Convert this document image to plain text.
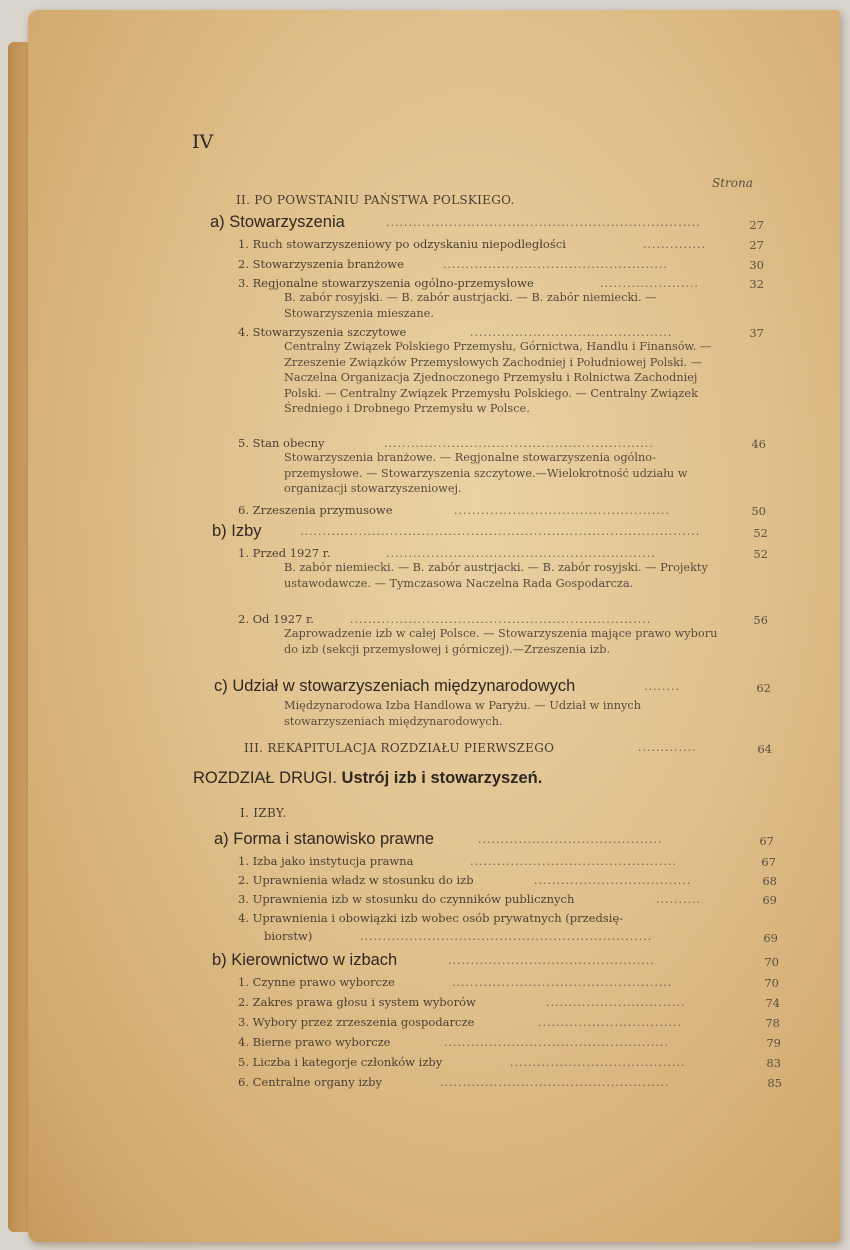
IV
Strona
II. PO POWSTANIU PAŃSTWA POLSKIEGO.
a) Stowarzyszenia	......................................................................	27
1. Ruch stowarzyszeniowy po odzyskaniu niepodległości	..............	27
2. Stowarzyszenia branżowe	..................................................	30
3. Regjonalne stowarzyszenia ogólno-przemysłowe	......................	32
B. zabór rosyjski. — B. zabór austrjacki. — B. zabór niemiecki. — Stowarzyszenia mieszane.
4. Stowarzyszenia szczytowe	.............................................	37
Centralny Związek Polskiego Przemysłu, Górnictwa, Handlu i Finansów. — Zrzeszenie Związków Przemysłowych Zachodniej i Południowej Polski. — Naczelna Organizacja Zjednoczonego Przemysłu i Rolnictwa Zachodniej Polski. — Centralny Związek Przemysłu Polskiego. — Centralny Związek Średniego i Drobnego Przemysłu w Polsce.
5. Stan obecny	............................................................	46
Stowarzyszenia branżowe. — Regjonalne stowarzyszenia ogólno-przemysłowe. — Stowarzyszenia szczytowe.—Wielokrotność udziału w organizacji stowarzyszeniowej.
6. Zrzeszenia przymusowe	................................................	50
b) Izby	.........................................................................................	52
1. Przed 1927 r.	............................................................	52
B. zabór niemiecki. — B. zabór austrjacki. — B. zabór rosyjski. — Projekty ustawodawcze. — Tymczasowa Naczelna Rada Gospodarcza.
2. Od 1927 r.	...................................................................	56
Zaprowadzenie izb w całej Polsce. — Stowarzyszenia mające prawo wyboru do izb (sekcji przemysłowej i górniczej).—Zrzeszenia izb.
c) Udział w stowarzyszeniach międzynarodowych	........	62
Międzynarodowa Izba Handlowa w Paryżu. — Udział w innych stowarzyszeniach międzynarodowych.
III. REKAPITULACJA ROZDZIAŁU PIERWSZEGO	.............	64
ROZDZIAŁ DRUGI. Ustrój izb i stowarzyszeń.
I. IZBY.
a) Forma i stanowisko prawne	.........................................	67
1. Izba jako instytucja prawna	..............................................	67
2. Uprawnienia władz w stosunku do izb	...................................	68
3. Uprawnienia izb w stosunku do czynników publicznych	..........	69
4. Uprawnienia i obowiązki izb wobec osób prywatnych (przedsię-
biorstw)	.................................................................	69
b) Kierownictwo w izbach	..............................................	70
1. Czynne prawo wyborcze	.................................................	70
2. Zakres prawa głosu i system wyborów	...............................	74
3. Wybory przez zrzeszenia gospodarcze	................................	78
4. Bierne prawo wyborcze	..................................................	79
5. Liczba i kategorje członków izby	.......................................	83
6. Centralne organy izby	...................................................	85
